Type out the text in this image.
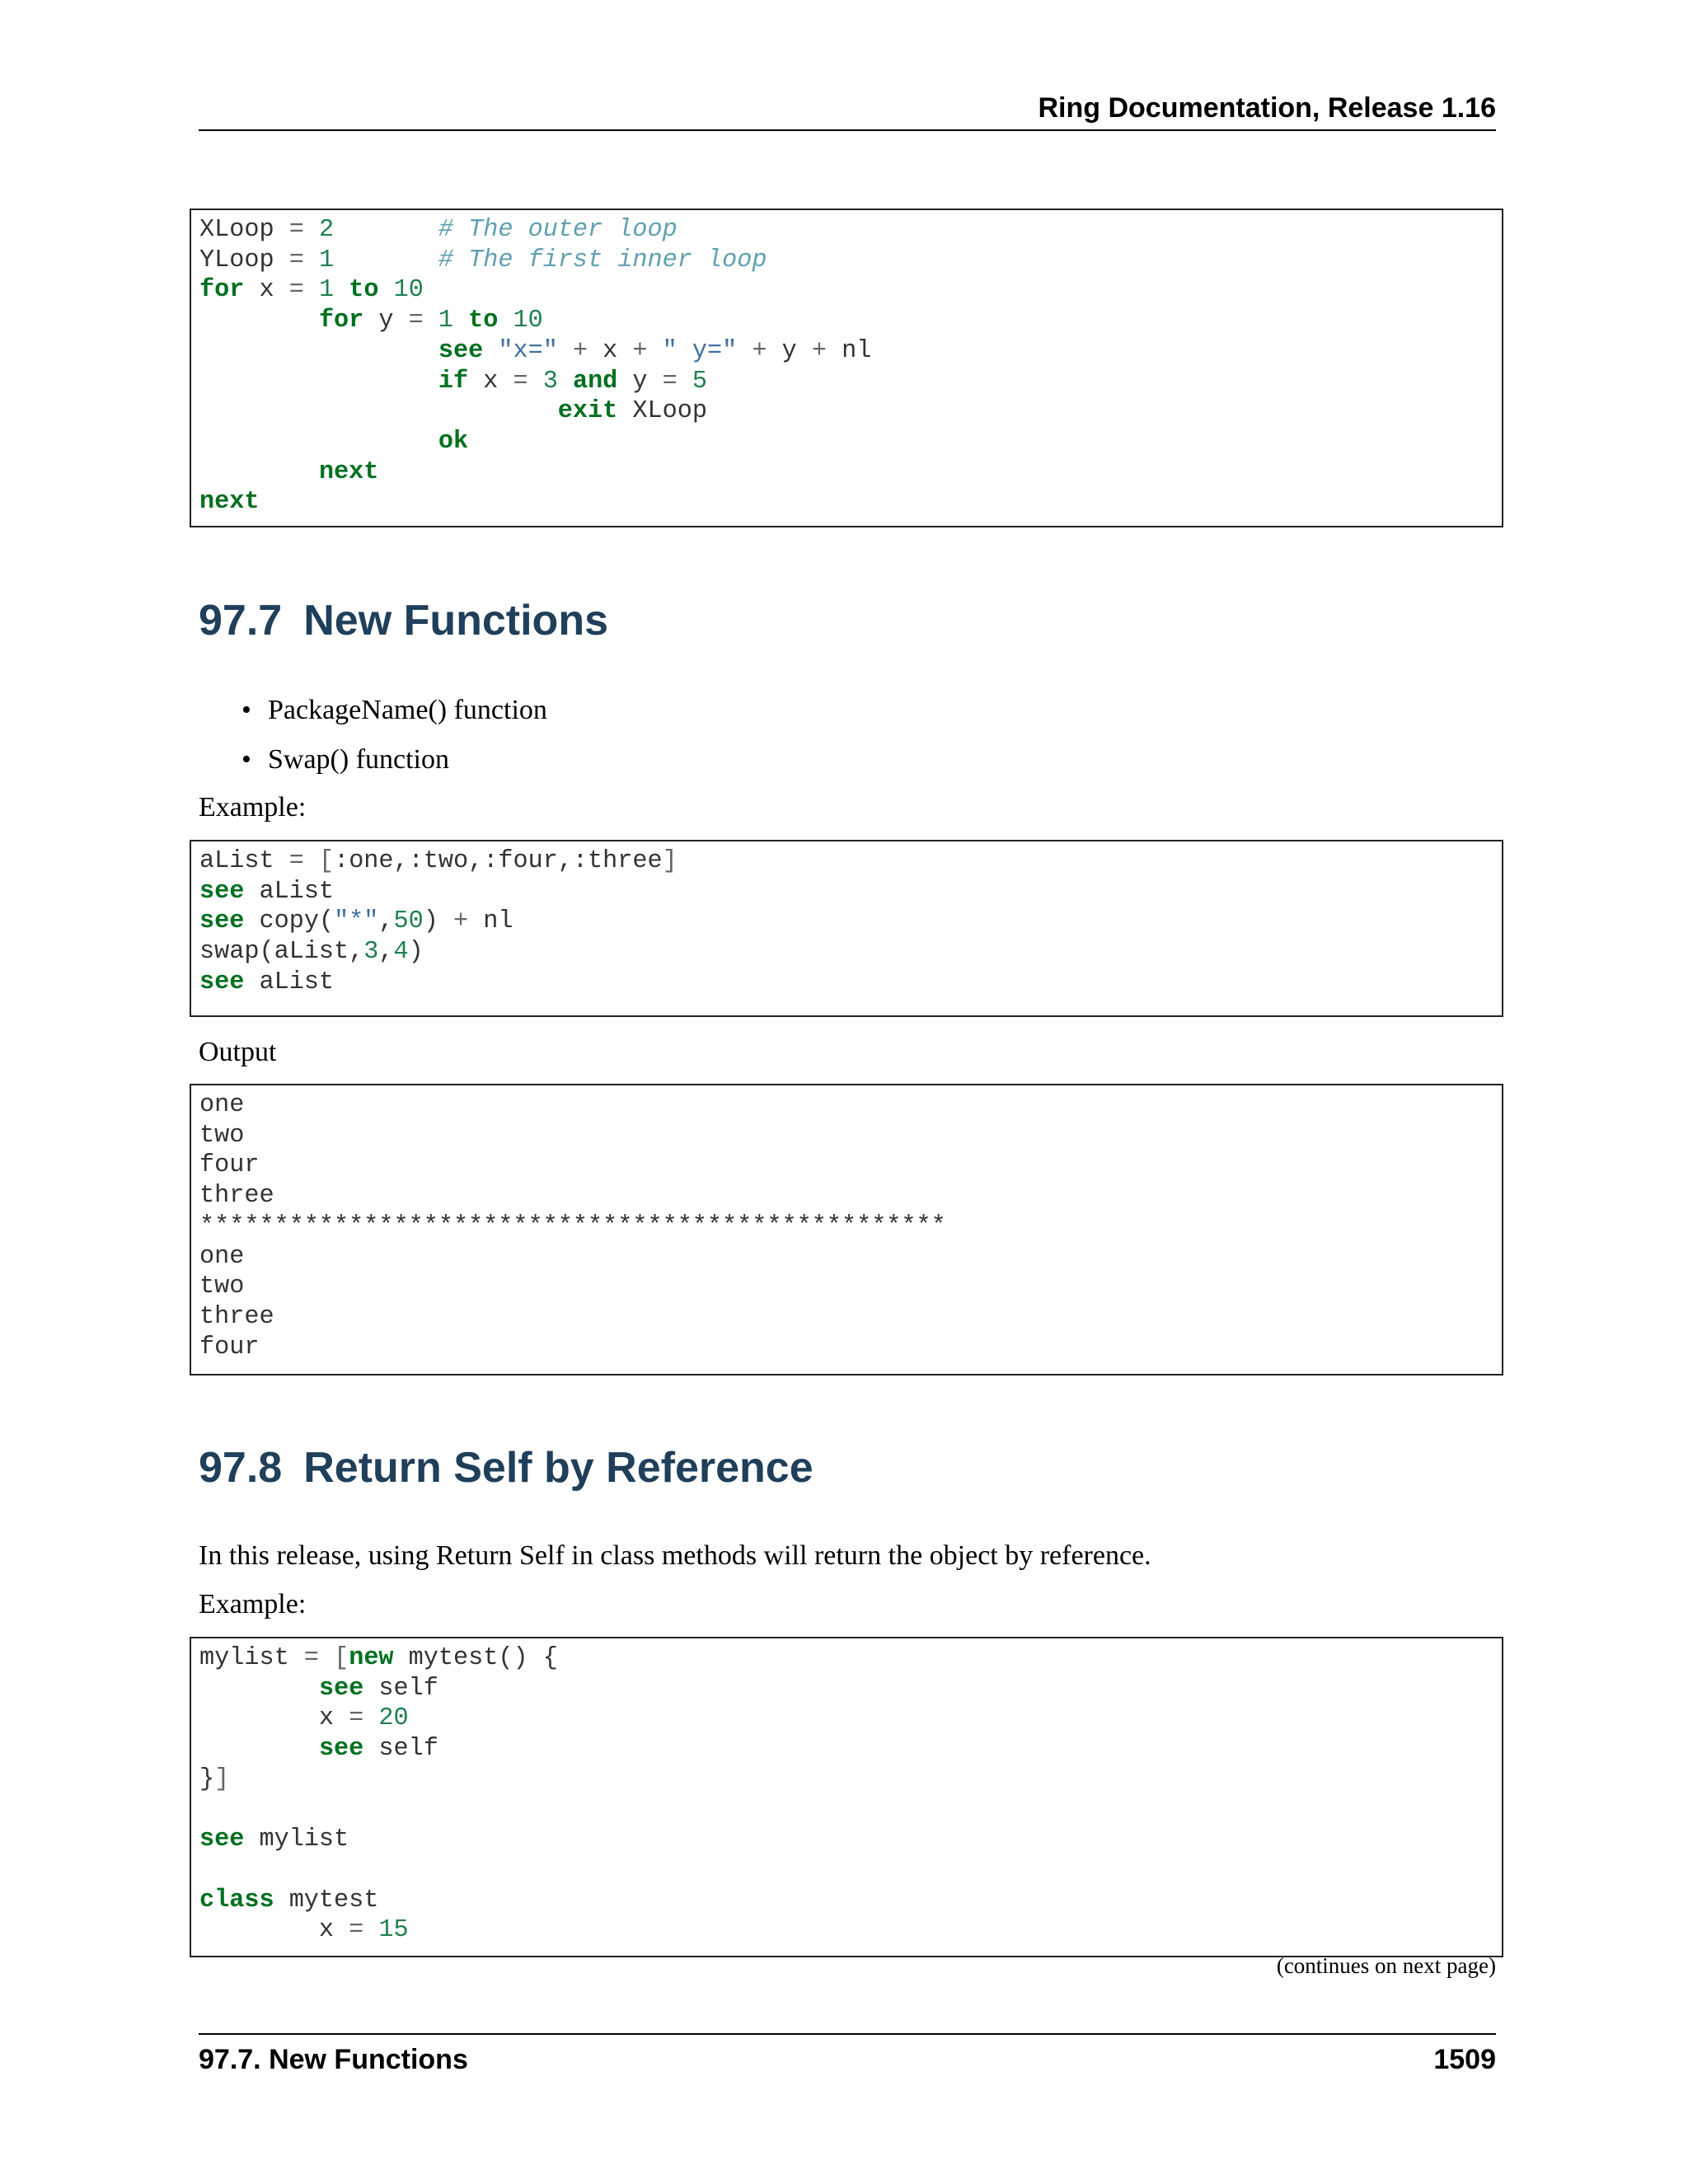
Ring Documentation, Release 1.16
XLoop = 2	# The outer loop
YLoop = 1	# The first inner loop
for x = 1 to 10
for y = 1 to 10
see "x=" + x + " y=" + y + nl
if x = 3 and y = 5
exit XLoop
ok
next
next
97.7 New Functions
• PackageName() function
• Swap() function

Example:

aList = [:one,:two,:four,:three]
see aList
see copy("*",50) + nl
swap(aList,3,4)
see aList

Output

one
two
four
three
**************************************************
one
two
three
four
97.8 Return Self by Reference

In this release, using Return Self in class methods will return the object by reference.

Example:

mylist = [new mytest() {
see self
x = 20
see self
}]

see mylist

class mytest
x = 15
(continues on next page)
97.7. New Functions	1509
